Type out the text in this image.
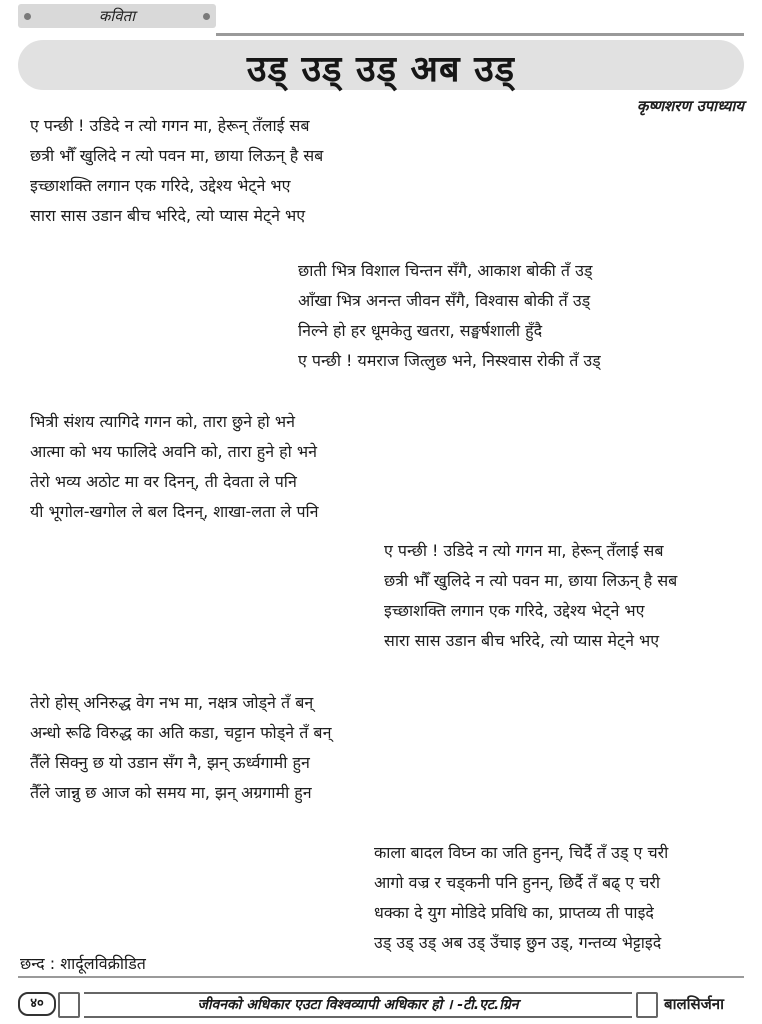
कविता
उड् उड् उड् अब उड्
कृष्णशरण उपाध्याय
ए पन्छी ! उडिदे न त्यो गगन मा, हेरून् तँलाई सब
छत्री भौँ खुलिदे न त्यो पवन मा, छाया लिऊन् है सब
इच्छाशक्ति लगान एक गरिदे, उद्देश्य भेट्ने भए
सारा सास उडान बीच भरिदे, त्यो प्यास मेट्ने भए
छाती भित्र विशाल चिन्तन सँगै, आकाश बोकी तँ उड्
आँखा भित्र अनन्त जीवन सँगै, विश्वास बोकी तँ उड्
निल्ने हो हर धूमकेतु खतरा, सङ्घर्षशाली हुँदै
ए पन्छी ! यमराज जित्लुछ भने, निस्श्वास रोकी तँ उड्
भित्री संशय त्यागिदे गगन को, तारा छुने हो भने
आत्मा को भय फालिदे अवनि को, तारा हुने हो भने
तेरो भव्य अठोट मा वर दिनन्, ती देवता ले पनि
यी भूगोल-खगोल ले बल दिनन्, शाखा-लता ले पनि
ए पन्छी ! उडिदे न त्यो गगन मा, हेरून् तँलाई सब
छत्री भौँ खुलिदे न त्यो पवन मा, छाया लिऊन् है सब
इच्छाशक्ति लगान एक गरिदे, उद्देश्य भेट्ने भए
सारा सास उडान बीच भरिदे, त्यो प्यास मेट्ने भए
तेरो होस् अनिरुद्ध वेग नभ मा, नक्षत्र जोड्ने तँ बन्
अन्धो रूढि विरुद्ध का अति कडा, चट्टान फोड्ने तँ बन्
तैँले सिक्नु छ यो उडान सँग नै, झन् ऊर्ध्वगामी हुन
तैँले जान्नु छ आज को समय मा, झन् अग्रगामी हुन
काला बादल विघ्न का जति हुनन्, चिर्दै तँ उड् ए चरी
आगो वज्र र चड्कनी पनि हुनन्, छिर्दै तँ बढ् ए चरी
धक्का दे युग मोडिदे प्रविधि का, प्राप्तव्य ती पाइदे
उड् उड् उड् अब उड् उँचाइ छुन उड्, गन्तव्य भेट्टाइदे
छन्द : शार्दूलविक्रीडित
४०	जीवनको अधिकार एउटा विश्वव्यापी अधिकार हो । -टी.एट.ग्रिन	बालसिर्जना
